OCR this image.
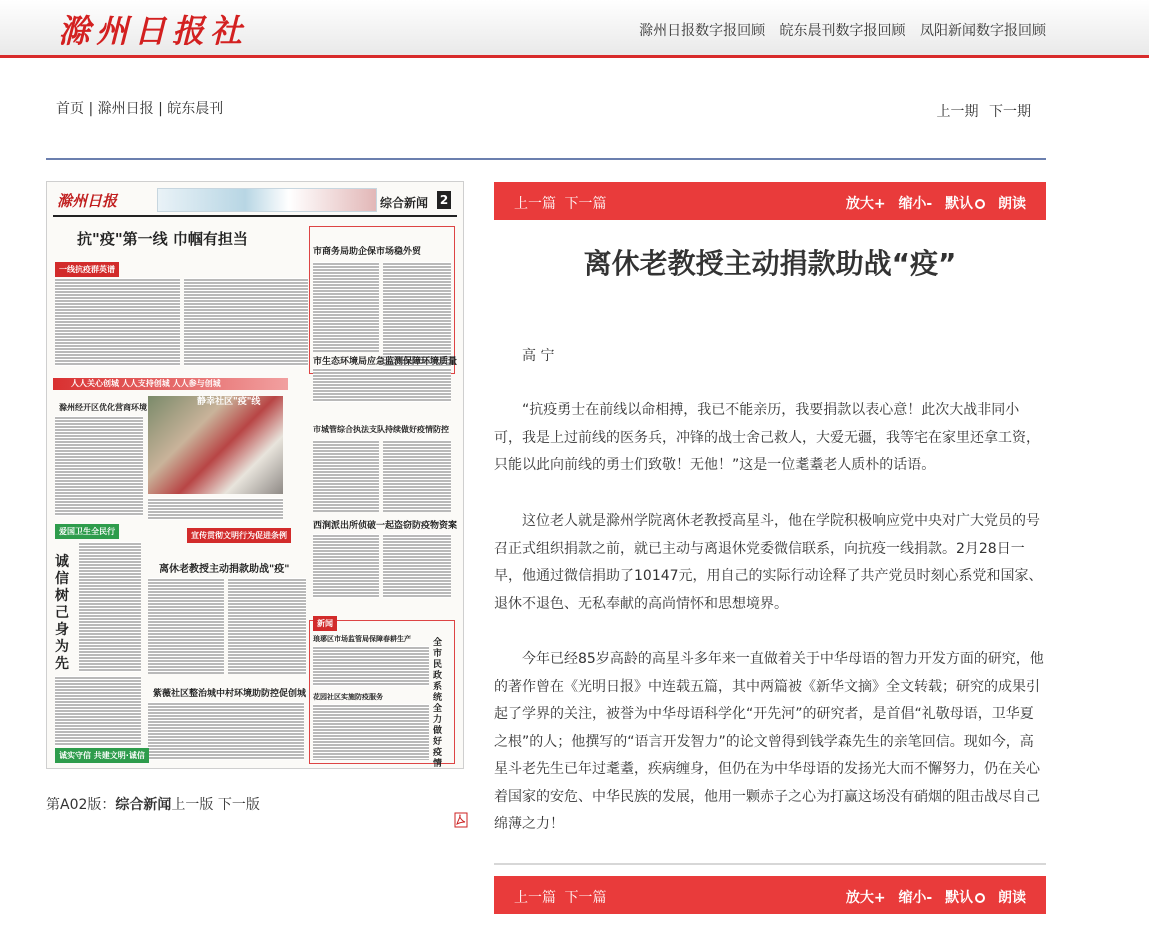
滁州日报社	滁州日报数字报回顾 皖东晨刊数字报回顾 凤阳新闻数字报回顾
首页 | 滁州日报 | 皖东晨刊	上一期 下一期
滁州日报	综合新闻 2
抗"疫"第一线 巾帼有担当
一线抗疫群英谱
市商务局助企保市场稳外贸
市生态环境局应急监测保障环境质量
人人关心创城 人人支持创城 人人参与创城
滁州经开区优化营商环境	静幸社区"疫"线
市城管综合执法支队持续做好疫情防控
西涧派出所侦破一起盗窃防疫物资案
爱国卫生全民行
诚信树己身为先
宣传贯彻文明行为促进条例
离休老教授主动捐款助战"疫"
紫薇社区整治城中村环境助防控促创城
诚实守信 共建文明·诚信
新闻
琅琊区市场监管局保障春耕生产
花园社区实施防疫服务
全市民政系统全力做好疫情
第A02版：综合新闻上一版 下一版
上一篇 下一篇	放大+ 缩小- 默认 朗读
离休老教授主动捐款助战“疫”
高 宁

“抗疫勇士在前线以命相搏，我已不能亲历，我要捐款以表心意！此次大战非同小可，我是上过前线的医务兵，冲锋的战士舍己救人，大爱无疆，我等宅在家里还拿工资，只能以此向前线的勇士们致敬！无他！”这是一位耄耋老人质朴的话语。

这位老人就是滁州学院离休老教授高星斗，他在学院积极响应党中央对广大党员的号召正式组织捐款之前，就已主动与离退休党委微信联系，向抗疫一线捐款。2月28日一早，他通过微信捐助了10147元，用自己的实际行动诠释了共产党员时刻心系党和国家、退休不退色、无私奉献的高尚情怀和思想境界。

今年已经85岁高龄的高星斗多年来一直做着关于中华母语的智力开发方面的研究，他的著作曾在《光明日报》中连载五篇，其中两篇被《新华文摘》全文转载；研究的成果引起了学界的关注，被誉为中华母语科学化“开先河”的研究者，是首倡“礼敬母语，卫华夏之根”的人；他撰写的“语言开发智力”的论文曾得到钱学森先生的亲笔回信。现如今，高星斗老先生已年过耄耋，疾病缠身，但仍在为中华母语的发扬光大而不懈努力，仍在关心着国家的安危、中华民族的发展，他用一颗赤子之心为打赢这场没有硝烟的阻击战尽自己绵薄之力！

上一篇 下一篇	放大+ 缩小- 默认 朗读
